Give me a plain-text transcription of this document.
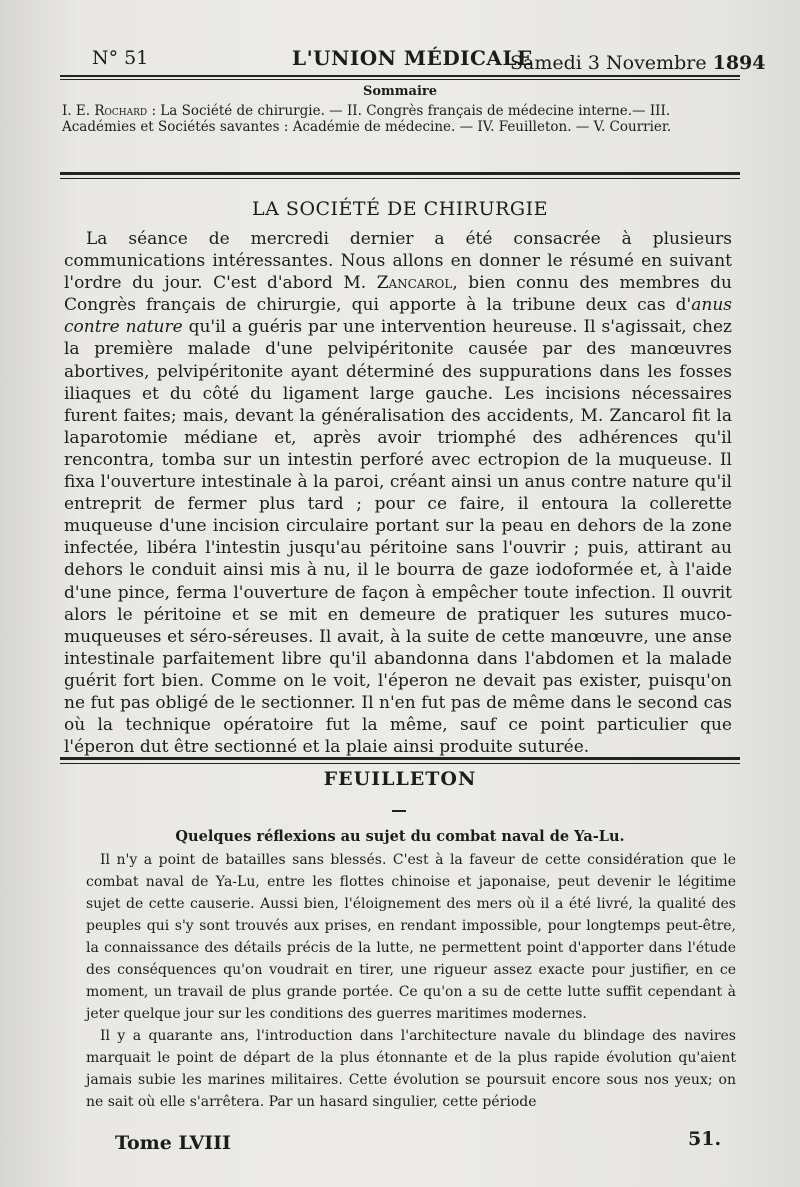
N° 51	L'UNION MÉDICALE
Samedi 3 Novembre 1894
Sommaire
I. E. Rochard : La Société de chirurgie. — II. Congrès français de médecine interne.— III. Académies et Sociétés savantes : Académie de médecine. — IV. Feuilleton. — V. Courrier.
LA SOCIÉTÉ DE CHIRURGIE

La séance de mercredi dernier a été consacrée à plusieurs communications intéressantes. Nous allons en donner le résumé en suivant l'ordre du jour. C'est d'abord M. Zancarol, bien connu des membres du Congrès français de chirurgie, qui apporte à la tribune deux cas d'anus contre nature qu'il a guéris par une intervention heureuse. Il s'agissait, chez la première malade d'une pelvipéritonite causée par des manœuvres abortives, pelvipéritonite ayant déterminé des suppurations dans les fosses iliaques et du côté du ligament large gauche. Les incisions nécessaires furent faites; mais, devant la généralisation des accidents, M. Zancarol fit la laparotomie médiane et, après avoir triomphé des adhérences qu'il rencontra, tomba sur un intestin perforé avec ectropion de la muqueuse. Il fixa l'ouverture intestinale à la paroi, créant ainsi un anus contre nature qu'il entreprit de fermer plus tard ; pour ce faire, il entoura la collerette muqueuse d'une incision circulaire portant sur la peau en dehors de la zone infectée, libéra l'intestin jusqu'au péritoine sans l'ouvrir ; puis, attirant au dehors le conduit ainsi mis à nu, il le bourra de gaze iodoformée et, à l'aide d'une pince, ferma l'ouverture de façon à empêcher toute infection. Il ouvrit alors le péritoine et se mit en demeure de pratiquer les sutures muco-muqueuses et séro-séreuses. Il avait, à la suite de cette manœuvre, une anse intestinale parfaitement libre qu'il abandonna dans l'abdomen et la malade guérit fort bien. Comme on le voit, l'éperon ne devait pas exister, puisqu'on ne fut pas obligé de le sectionner. Il n'en fut pas de même dans le second cas où la technique opératoire fut la même, sauf ce point particulier que l'éperon dut être sectionné et la plaie ainsi produite suturée.

FEUILLETON
Quelques réflexions au sujet du combat naval de Ya-Lu.

Il n'y a point de batailles sans blessés. C'est à la faveur de cette considération que le combat naval de Ya-Lu, entre les flottes chinoise et japonaise, peut devenir le légitime sujet de cette causerie. Aussi bien, l'éloignement des mers où il a été livré, la qualité des peuples qui s'y sont trouvés aux prises, en rendant impossible, pour longtemps peut-être, la connaissance des détails précis de la lutte, ne permettent point d'apporter dans l'étude des conséquences qu'on voudrait en tirer, une rigueur assez exacte pour justifier, en ce moment, un travail de plus grande portée. Ce qu'on a su de cette lutte suffit cependant à jeter quelque jour sur les conditions des guerres maritimes modernes.

Il y a quarante ans, l'introduction dans l'architecture navale du blindage des navires marquait le point de départ de la plus étonnante et de la plus rapide évolution qu'aient jamais subie les marines militaires. Cette évolution se poursuit encore sous nos yeux; on ne sait où elle s'arrêtera. Par un hasard singulier, cette période

Tome LVIII	51.
